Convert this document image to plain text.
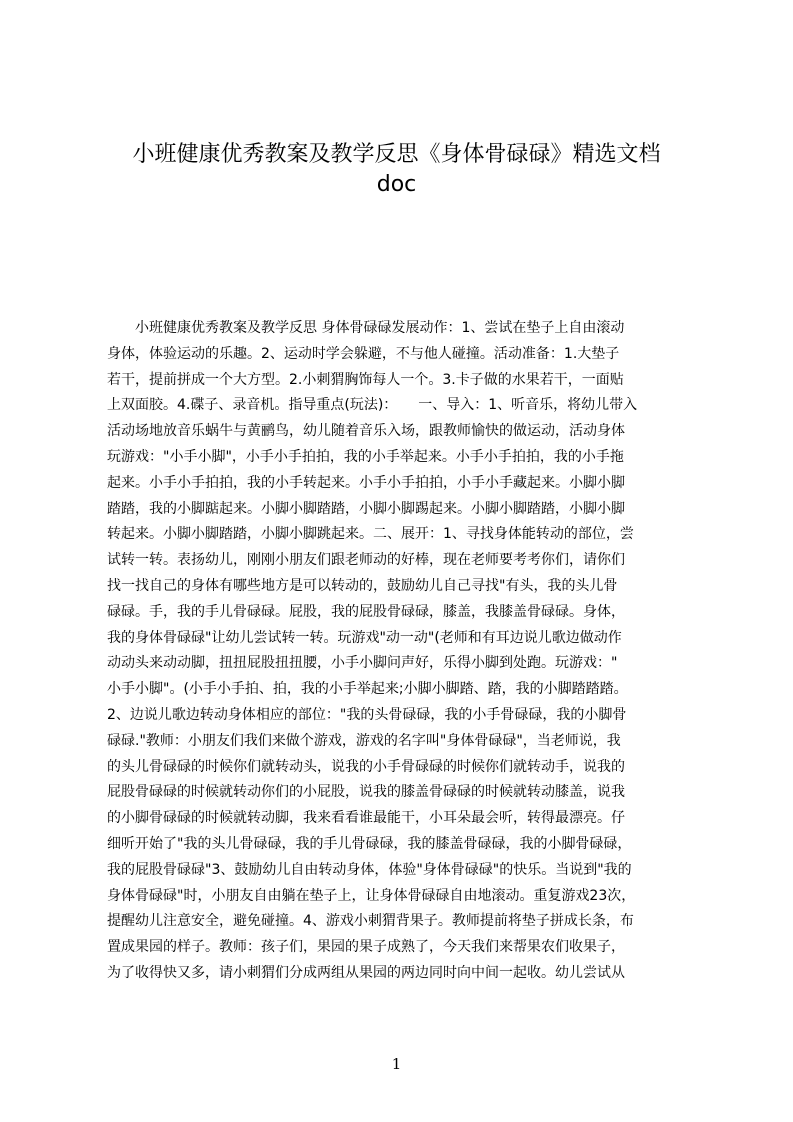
小班健康优秀教案及教学反思《身体骨碌碌》精选文档
doc
　　小班健康优秀教案及教学反思 身体骨碌碌发展动作：1、尝试在垫子上自由滚动
身体，体验运动的乐趣。2、运动时学会躲避，不与他人碰撞。活动准备：1.大垫子
若干，提前拼成一个大方型。2.小刺猬胸饰每人一个。3.卡子做的水果若干，一面贴
上双面胶。4.碟子、录音机。指导重点(玩法)：　　一、导入：1、听音乐，将幼儿带入
活动场地放音乐蜗牛与黄鹂鸟，幼儿随着音乐入场，跟教师愉快的做运动，活动身体
玩游戏："小手小脚"，小手小手拍拍，我的小手举起来。小手小手拍拍，我的小手拖
起来。小手小手拍拍，我的小手转起来。小手小手拍拍，小手小手藏起来。小脚小脚
踏踏，我的小脚踮起来。小脚小脚踏踏，小脚小脚踢起来。小脚小脚踏踏，小脚小脚
转起来。小脚小脚踏踏，小脚小脚跳起来。二、展开：1、寻找身体能转动的部位，尝
试转一转。表扬幼儿，刚刚小朋友们跟老师动的好棒，现在老师要考考你们，请你们
找一找自己的身体有哪些地方是可以转动的，鼓励幼儿自己寻找"有头，我的头儿骨
碌碌。手，我的手儿骨碌碌。屁股，我的屁股骨碌碌，膝盖，我膝盖骨碌碌。身体，
我的身体骨碌碌"让幼儿尝试转一转。玩游戏"动一动"(老师和有耳边说儿歌边做动作
动动头来动动脚，扭扭屁股扭扭腰，小手小脚问声好，乐得小脚到处跑。玩游戏："
小手小脚"。(小手小手拍、拍，我的小手举起来;小脚小脚踏、踏，我的小脚踏踏踏。
2、边说儿歌边转动身体相应的部位："我的头骨碌碌，我的小手骨碌碌，我的小脚骨
碌碌."教师：小朋友们我们来做个游戏，游戏的名字叫"身体骨碌碌"，当老师说，我
的头儿骨碌碌的时候你们就转动头，说我的小手骨碌碌的时候你们就转动手，说我的
屁股骨碌碌的时候就转动你们的小屁股，说我的膝盖骨碌碌的时候就转动膝盖，说我
的小脚骨碌碌的时候就转动脚，我来看看谁最能干，小耳朵最会听，转得最漂亮。仔
细听开始了"我的头儿骨碌碌，我的手儿骨碌碌，我的膝盖骨碌碌，我的小脚骨碌碌，
我的屁股骨碌碌"3、鼓励幼儿自由转动身体，体验"身体骨碌碌"的快乐。当说到"我的
身体骨碌碌"时，小朋友自由躺在垫子上，让身体骨碌碌自由地滚动。重复游戏23次，
提醒幼儿注意安全，避免碰撞。4、游戏小刺猬背果子。教师提前将垫子拼成长条，布
置成果园的样子。教师：孩子们，果园的果子成熟了，今天我们来帮果农们收果子，
为了收得快又多，请小刺猬们分成两组从果园的两边同时向中间一起收。幼儿尝试从
1
